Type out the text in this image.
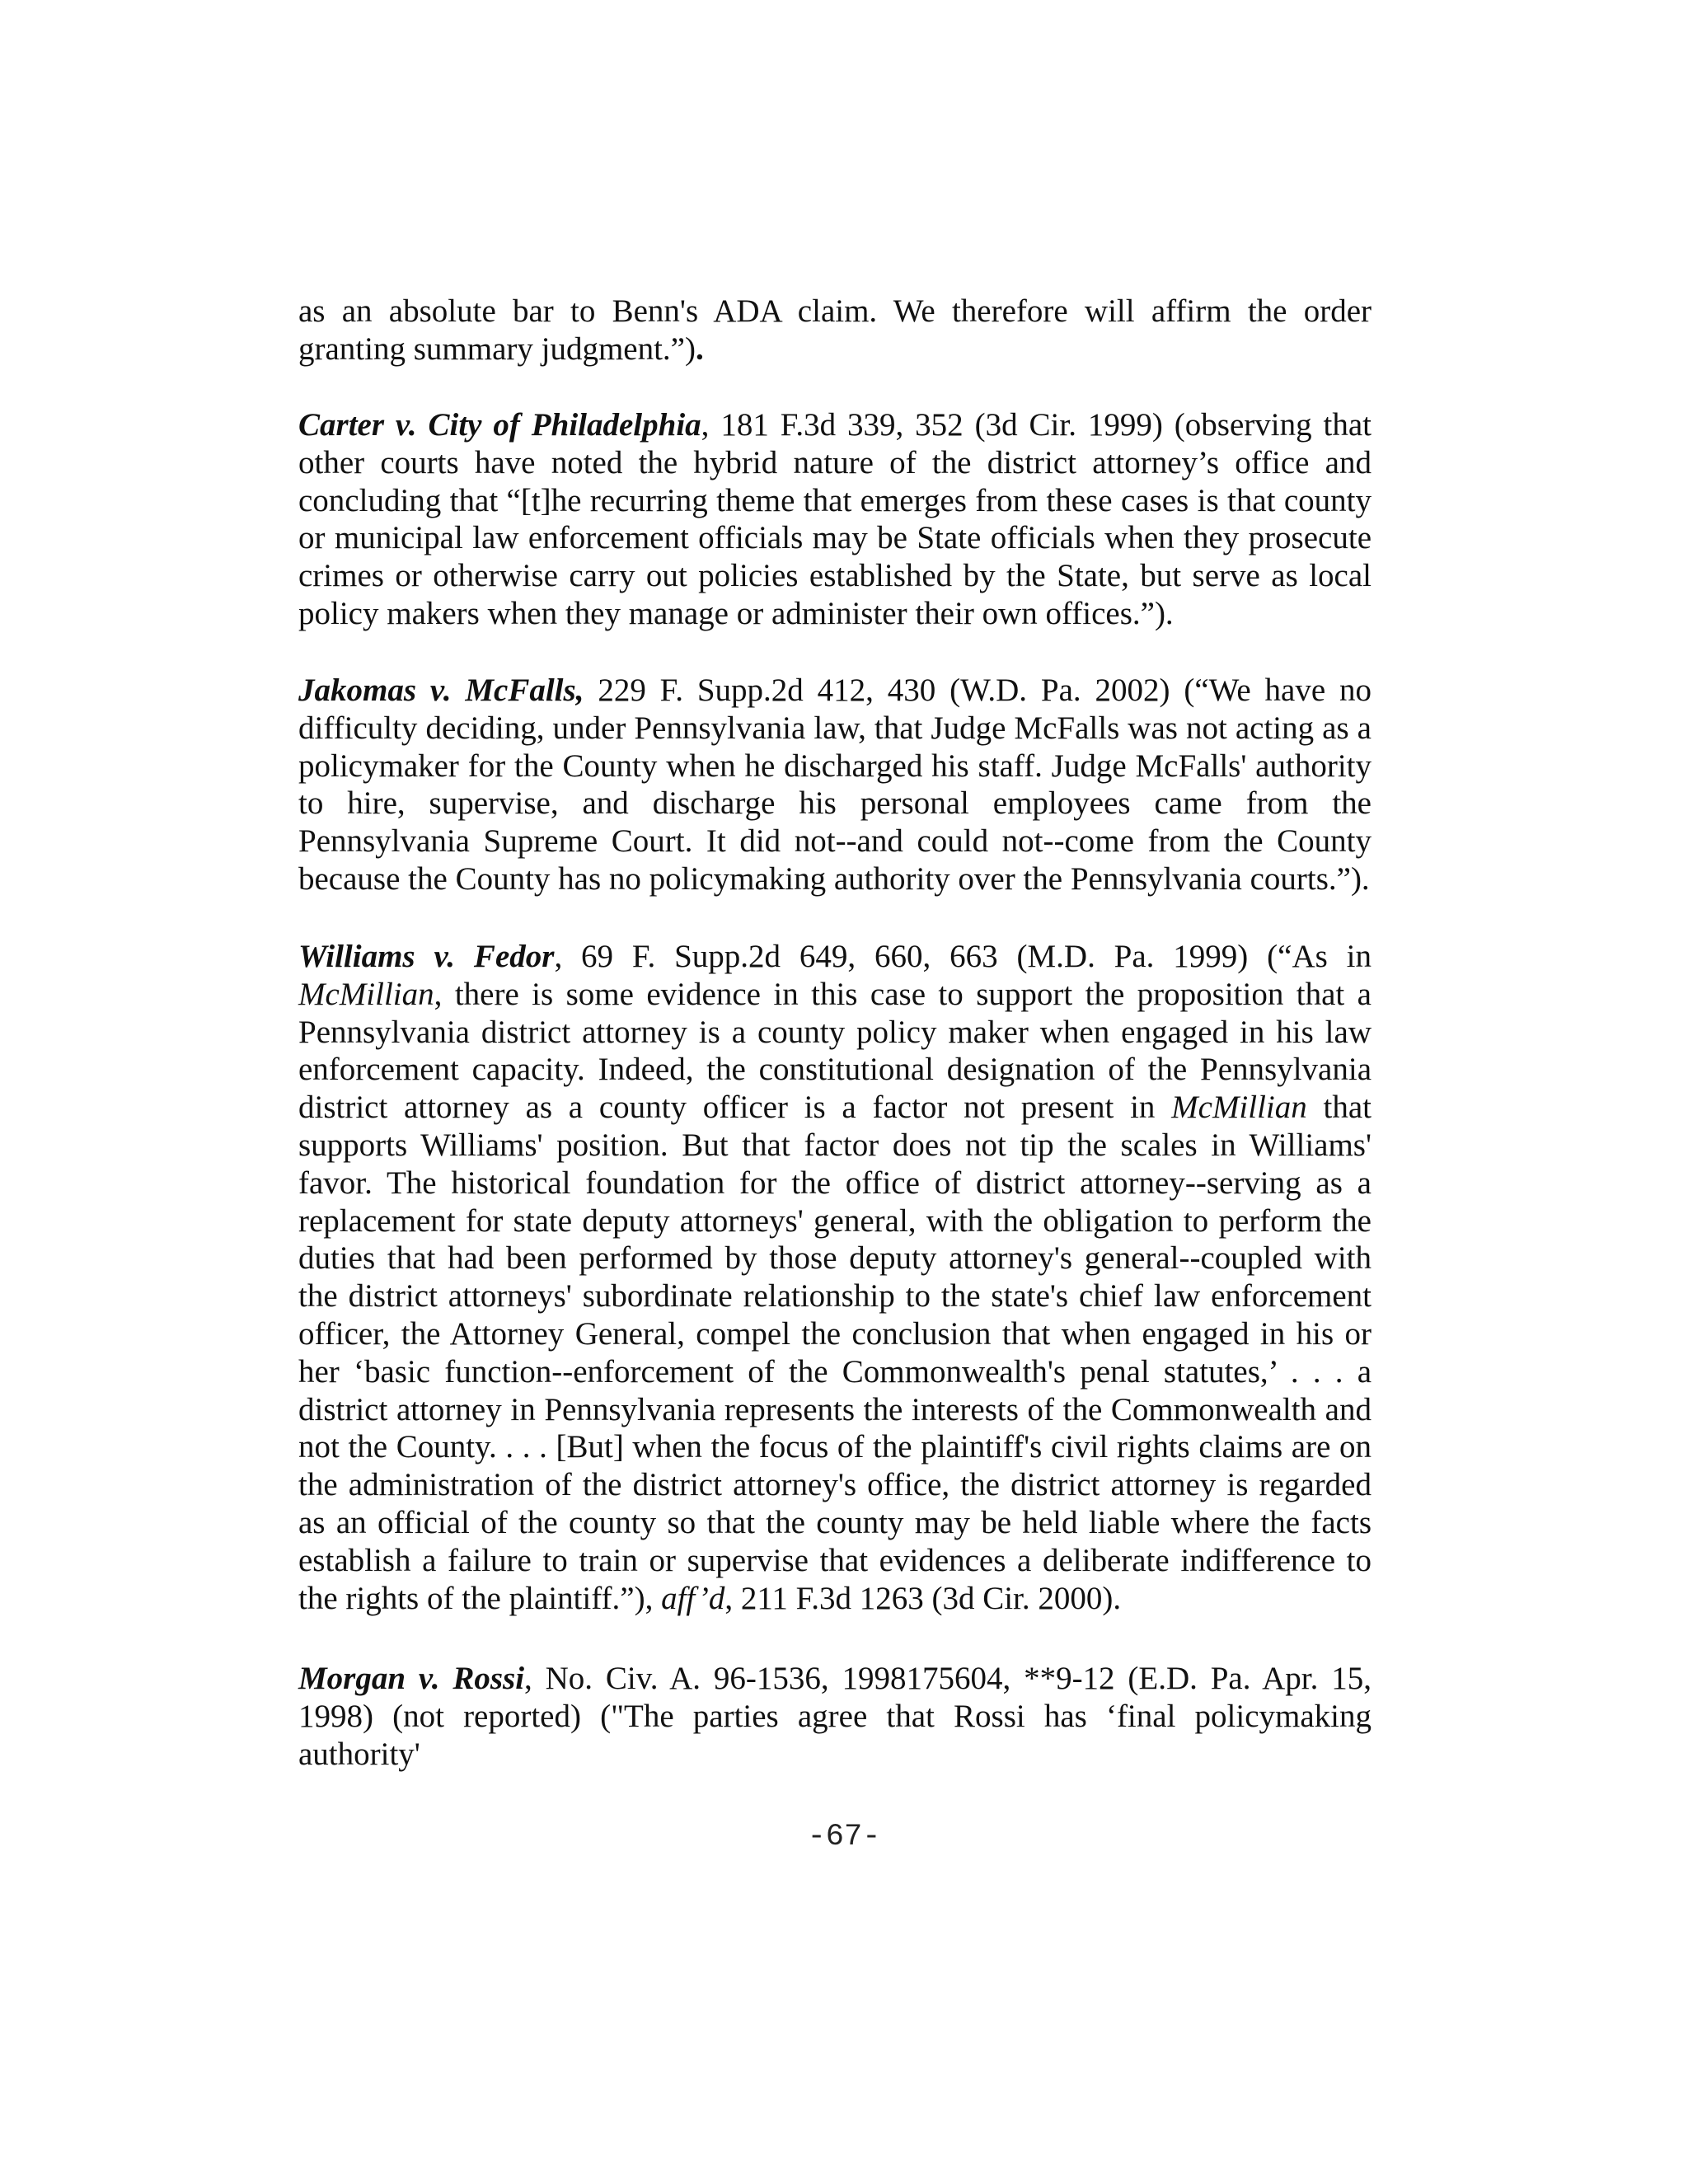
as an absolute bar to Benn's ADA claim. We therefore will affirm the order granting summary judgment.”).

Carter v. City of Philadelphia, 181 F.3d 339, 352 (3d Cir. 1999) (observing that other courts have noted the hybrid nature of the district attorney’s office and concluding that “[t]he recurring theme that emerges from these cases is that county or municipal law enforcement officials may be State officials when they prosecute crimes or otherwise carry out policies established by the State, but serve as local policy makers when they manage or administer their own offices.”).

Jakomas v. McFalls, 229 F. Supp.2d 412, 430 (W.D. Pa. 2002) (“We have no difficulty deciding, under Pennsylvania law, that Judge McFalls was not acting as a policymaker for the County when he discharged his staff. Judge McFalls' authority to hire, supervise, and discharge his personal employees came from the Pennsylvania Supreme Court. It did not--and could not--come from the County because the County has no policymaking authority over the Pennsylvania courts.”).

Williams v. Fedor, 69 F. Supp.2d 649, 660, 663 (M.D. Pa. 1999) (“As in McMillian, there is some evidence in this case to support the proposition that a Pennsylvania district attorney is a county policy maker when engaged in his law enforcement capacity. Indeed, the constitutional designation of the Pennsylvania district attorney as a county officer is a factor not present in McMillian that supports Williams' position. But that factor does not tip the scales in Williams' favor. The historical foundation for the office of district attorney--serving as a replacement for state deputy attorneys' general, with the obligation to perform the duties that had been performed by those deputy attorney's general--coupled with the district attorneys' subordinate relationship to the state's chief law enforcement officer, the Attorney General, compel the conclusion that when engaged in his or her ‘basic function--enforcement of the Commonwealth's penal statutes,’ . . . a district attorney in Pennsylvania represents the interests of the Commonwealth and not the County. . . . [But] when the focus of the plaintiff's civil rights claims are on the administration of the district attorney's office, the district attorney is regarded as an official of the county so that the county may be held liable where the facts establish a failure to train or supervise that evidences a deliberate indifference to the rights of the plaintiff.”), aff’d, 211 F.3d 1263 (3d Cir. 2000).

Morgan v. Rossi, No. Civ. A. 96-1536, 1998175604, **9-12 (E.D. Pa. Apr. 15, 1998) (not reported) ("The parties agree that Rossi has ‘final policymaking authority'

-67-
